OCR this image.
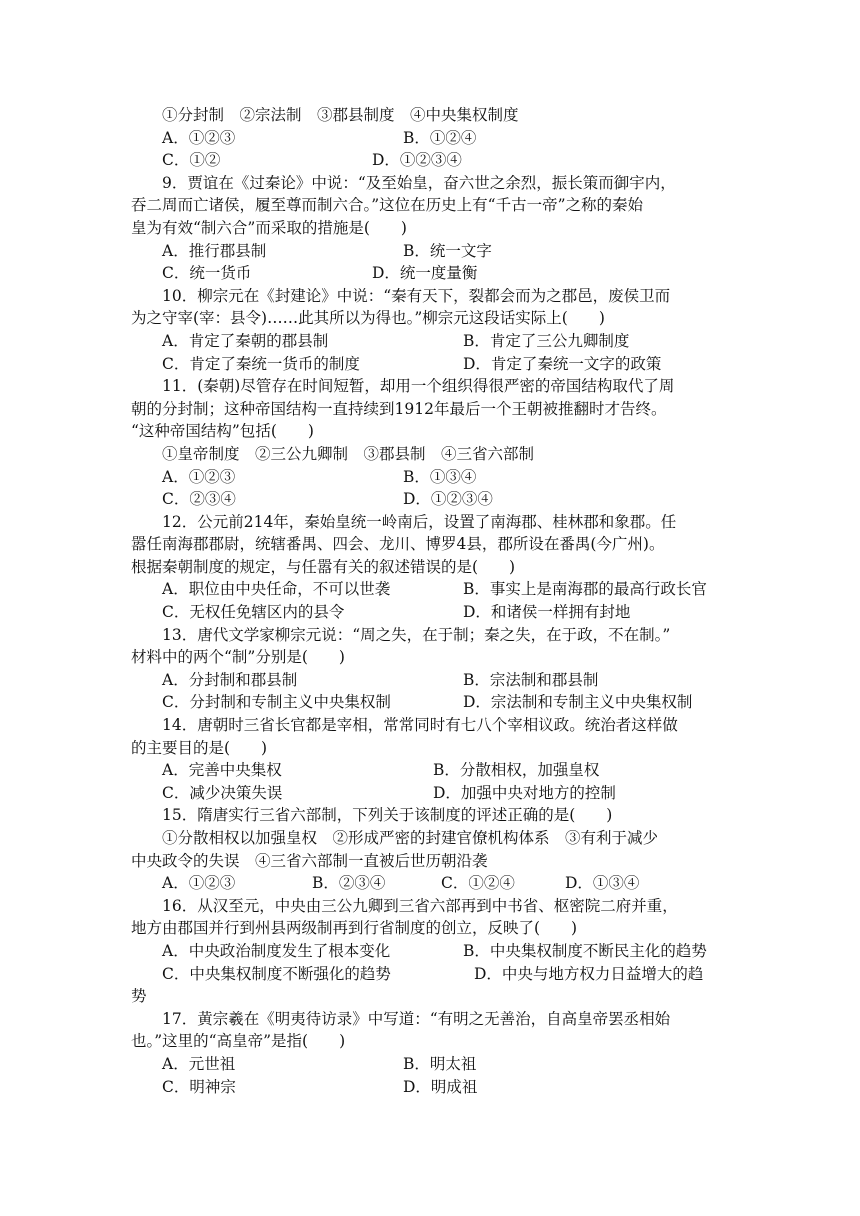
①分封制　②宗法制　③郡县制度　④中央集权制度
A．①②③	B．①②④
C．①②	D．①②③④
9．贾谊在《过秦论》中说：“及至始皇，奋六世之余烈，振长策而御宇内，
吞二周而亡诸侯，履至尊而制六合。”这位在历史上有“千古一帝”之称的秦始
皇为有效“制六合”而采取的措施是(　　)
A．推行郡县制	B．统一文字
C．统一货币	D．统一度量衡
10．柳宗元在《封建论》中说：“秦有天下，裂都会而为之郡邑，废侯卫而
为之守宰(宰：县令)……此其所以为得也。”柳宗元这段话实际上(　　)
A．肯定了秦朝的郡县制	B．肯定了三公九卿制度
C．肯定了秦统一货币的制度	D．肯定了秦统一文字的政策
11．(秦朝)尽管存在时间短暂，却用一个组织得很严密的帝国结构取代了周
朝的分封制；这种帝国结构一直持续到1912年最后一个王朝被推翻时才告终。
“这种帝国结构”包括(　　)
①皇帝制度　②三公九卿制　③郡县制　④三省六部制
A．①②③	B．①③④
C．②③④	D．①②③④
12．公元前214年，秦始皇统一岭南后，设置了南海郡、桂林郡和象郡。任
嚣任南海郡郡尉，统辖番禺、四会、龙川、博罗4县，郡所设在番禺(今广州)。
根据秦朝制度的规定，与任嚣有关的叙述错误的是(　　)
A．职位由中央任命，不可以世袭	B．事实上是南海郡的最高行政长官
C．无权任免辖区内的县令	D．和诸侯一样拥有封地
13．唐代文学家柳宗元说：“周之失，在于制；秦之失，在于政，不在制。”
材料中的两个“制”分别是(　　)
A．分封制和郡县制	B．宗法制和郡县制
C．分封制和专制主义中央集权制	D．宗法制和专制主义中央集权制
14．唐朝时三省长官都是宰相，常常同时有七八个宰相议政。统治者这样做
的主要目的是(　　)
A．完善中央集权	B．分散相权，加强皇权
C．减少决策失误	D．加强中央对地方的控制
15．隋唐实行三省六部制，下列关于该制度的评述正确的是(　　)
①分散相权以加强皇权　②形成严密的封建官僚机构体系　③有利于减少
中央政令的失误　④三省六部制一直被后世历朝沿袭
A．①②③	B．②③④	C．①②④	D．①③④
16．从汉至元，中央由三公九卿到三省六部再到中书省、枢密院二府并重，
地方由郡国并行到州县两级制再到行省制度的创立，反映了(　　)
A．中央政治制度发生了根本变化	B．中央集权制度不断民主化的趋势
C．中央集权制度不断强化的趋势	D．中央与地方权力日益增大的趋
势
17．黄宗羲在《明夷待访录》中写道：“有明之无善治，自高皇帝罢丞相始
也。”这里的“高皇帝”是指(　　)
A．元世祖	B．明太祖
C．明神宗	D．明成祖
